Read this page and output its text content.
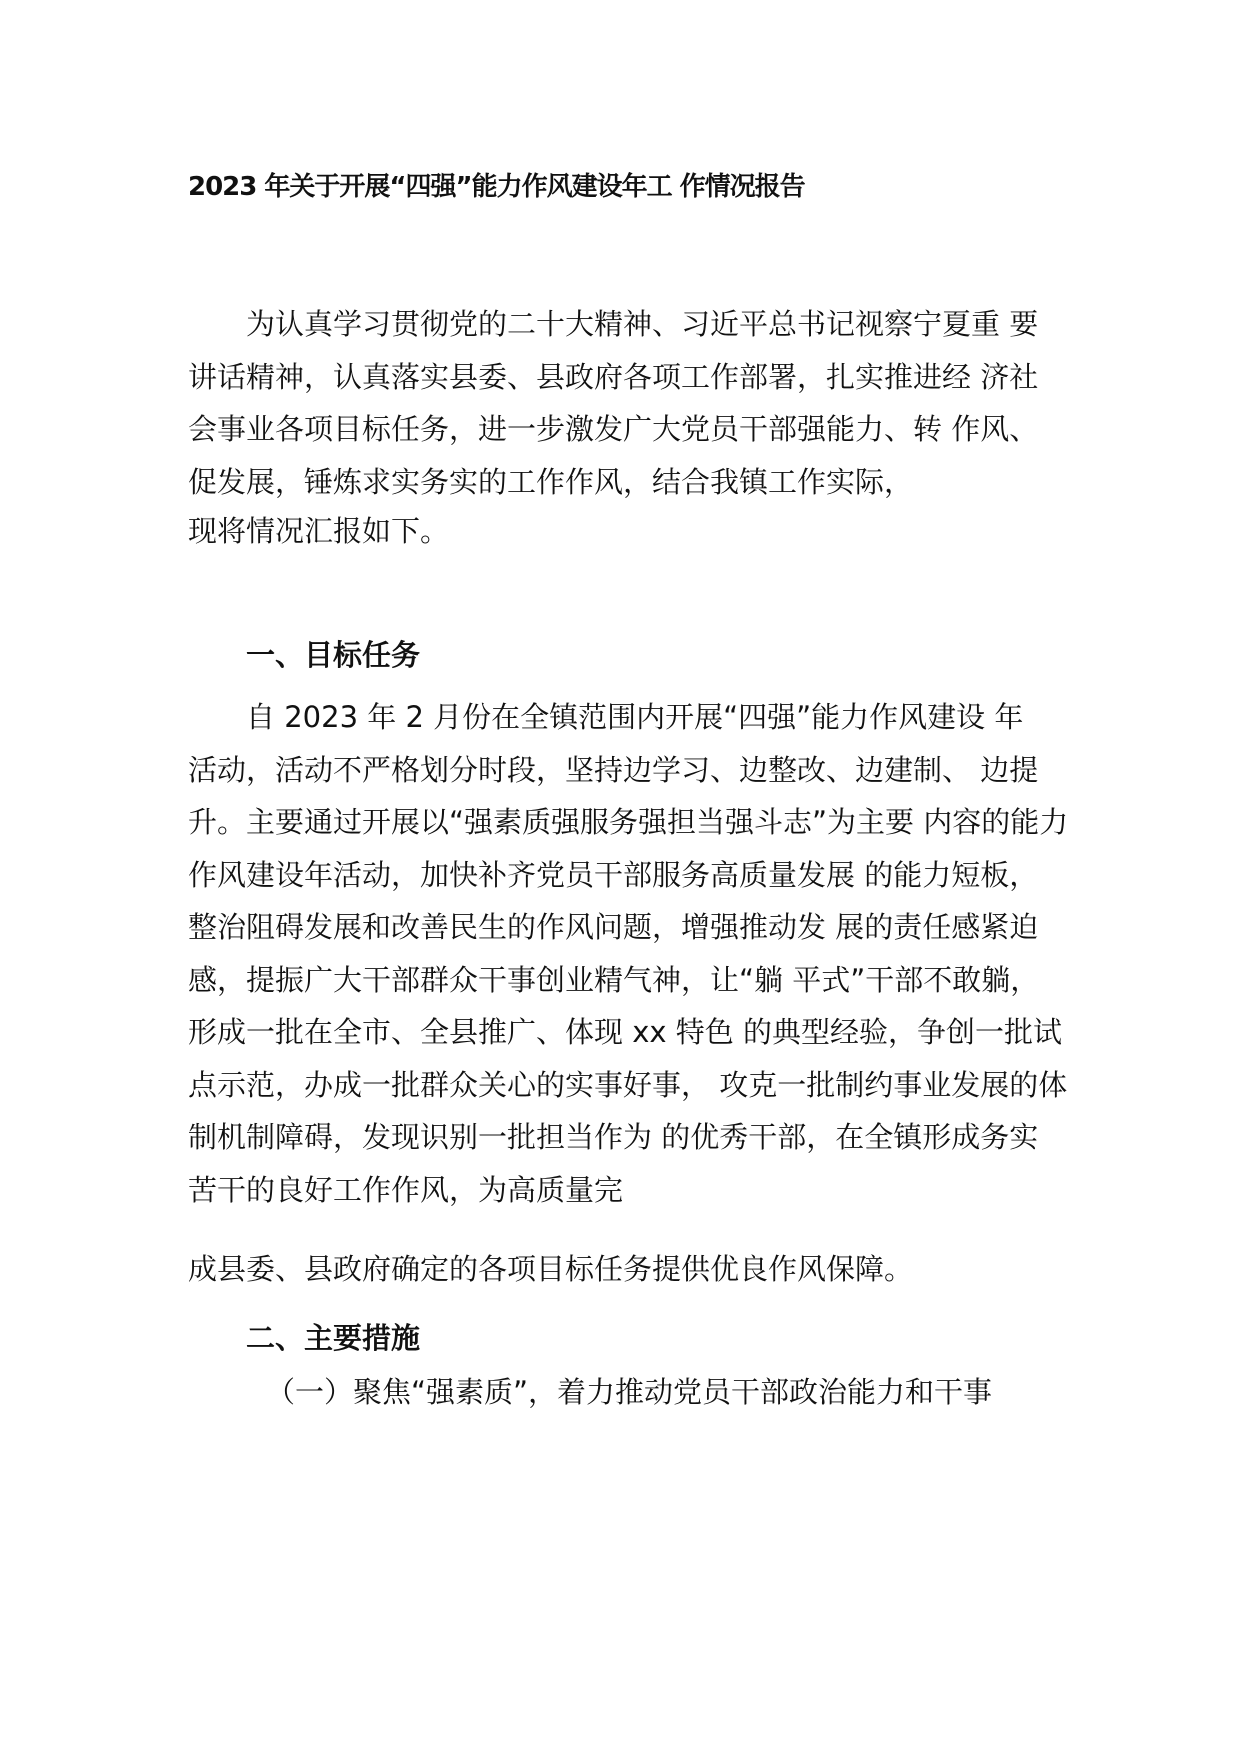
2023 年关于开展“四强”能力作风建设年工 作情况报告

为认真学习贯彻党的二十大精神、习近平总书记视察宁夏重 要
讲话精神，认真落实县委、县政府各项工作部署，扎实推进经 济社
会事业各项目标任务，进一步激发广大党员干部强能力、转 作风、
促发展，锤炼求实务实的工作作风，结合我镇工作实际，

现将情况汇报如下。

一、目标任务

自 2023 年 2 月份在全镇范围内开展“四强”能力作风建设 年
活动，活动不严格划分时段，坚持边学习、边整改、边建制、 边提
升。主要通过开展以“强素质强服务强担当强斗志”为主要 内容的能力
作风建设年活动，加快补齐党员干部服务高质量发展 的能力短板，
整治阻碍发展和改善民生的作风问题，增强推动发 展的责任感紧迫
感，提振广大干部群众干事创业精气神，让“躺 平式”干部不敢躺，
形成一批在全市、全县推广、体现 xx 特色 的典型经验，争创一批试
点示范，办成一批群众关心的实事好事， 攻克一批制约事业发展的体
制机制障碍，发现识别一批担当作为 的优秀干部，在全镇形成务实
苦干的良好工作作风，为高质量完

成县委、县政府确定的各项目标任务提供优良作风保障。

二、主要措施

（一）聚焦“强素质”，着力推动党员干部政治能力和干事
